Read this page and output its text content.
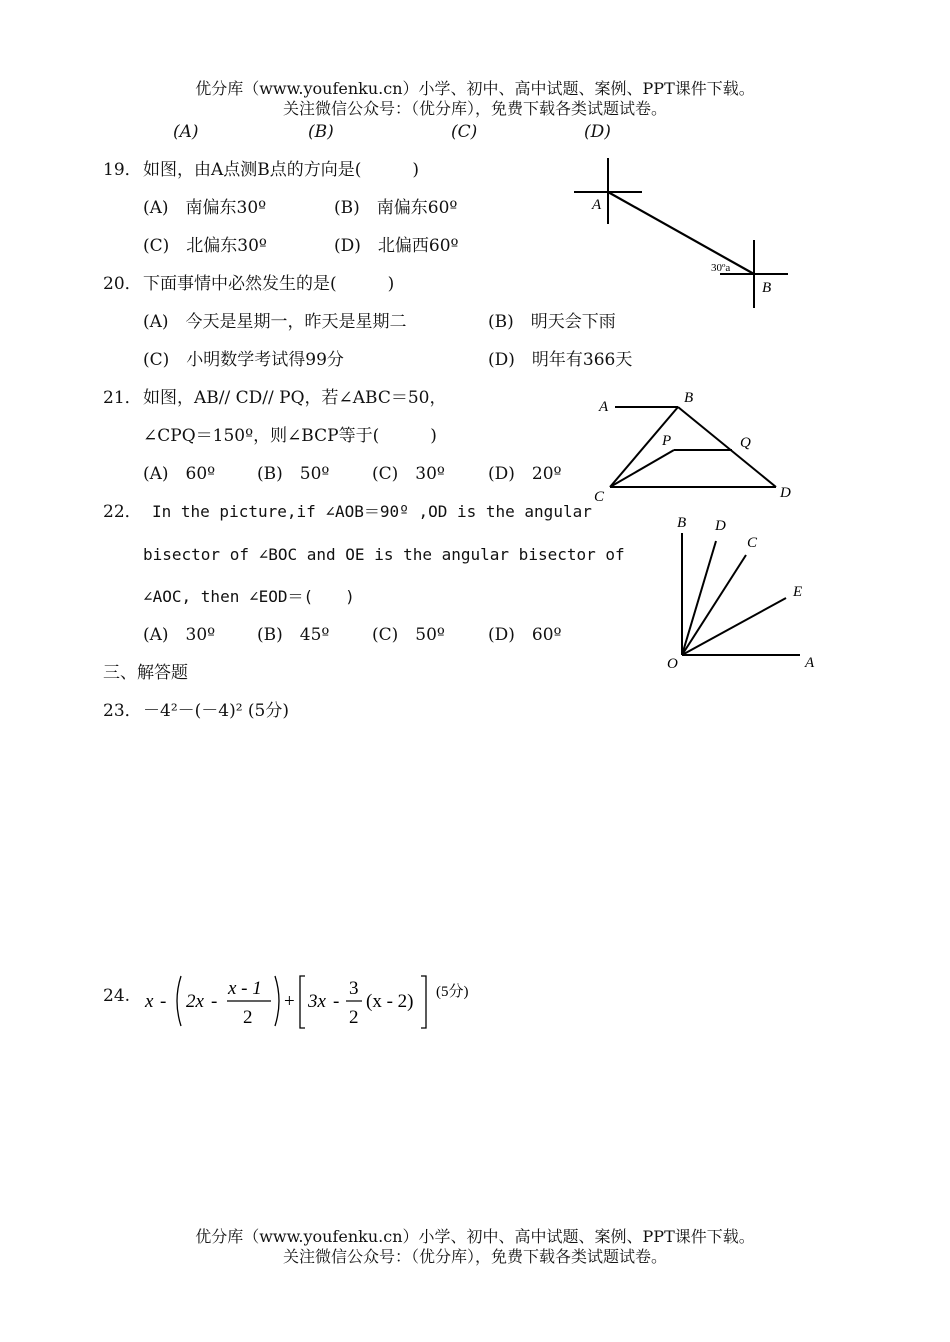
优分库（www.youfenku.cn）小学、初中、高中试题、案例、PPT课件下载。
关注微信公众号：（优分库），免费下载各类试题试卷。
(A)	(B)	(C)	(D)
19． 如图，由A点测B点的方向是(　　　)
(A)　南偏东30º	(B)　南偏东60º
(C)　北偏东30º	(D)　北偏西60º
A
B
30ºa
20． 下面事情中必然发生的是(　　　)
(A)　今天是星期一，昨天是星期二	(B)　明天会下雨
(C)　小明数学考试得99分	(D)　明年有366天
21． 如图，AB// CD// PQ，若∠ABC＝50，
∠CPQ＝150º，则∠BCP等于(　　　)
(A)　60º (B)　50º	(C)　30º	(D)　20º
A
B
P	Q
C	D
22． In the picture,if ∠AOB＝90º ,OD is the angular
bisector of ∠BOC and OE is the angular bisector of
∠AOC, then ∠EOD＝(　　)
(A)　30º (B)　45º	(C)　50º	(D)　60º
B D
C
E
O	A
三、解答题
23． －4²－(－4)² (5分)
24. x - 2x -
x - 1
2
+ 3x -
3
2
(x - 2) (5分)
优分库（www.youfenku.cn）小学、初中、高中试题、案例、PPT课件下载。
关注微信公众号：（优分库），免费下载各类试题试卷。
